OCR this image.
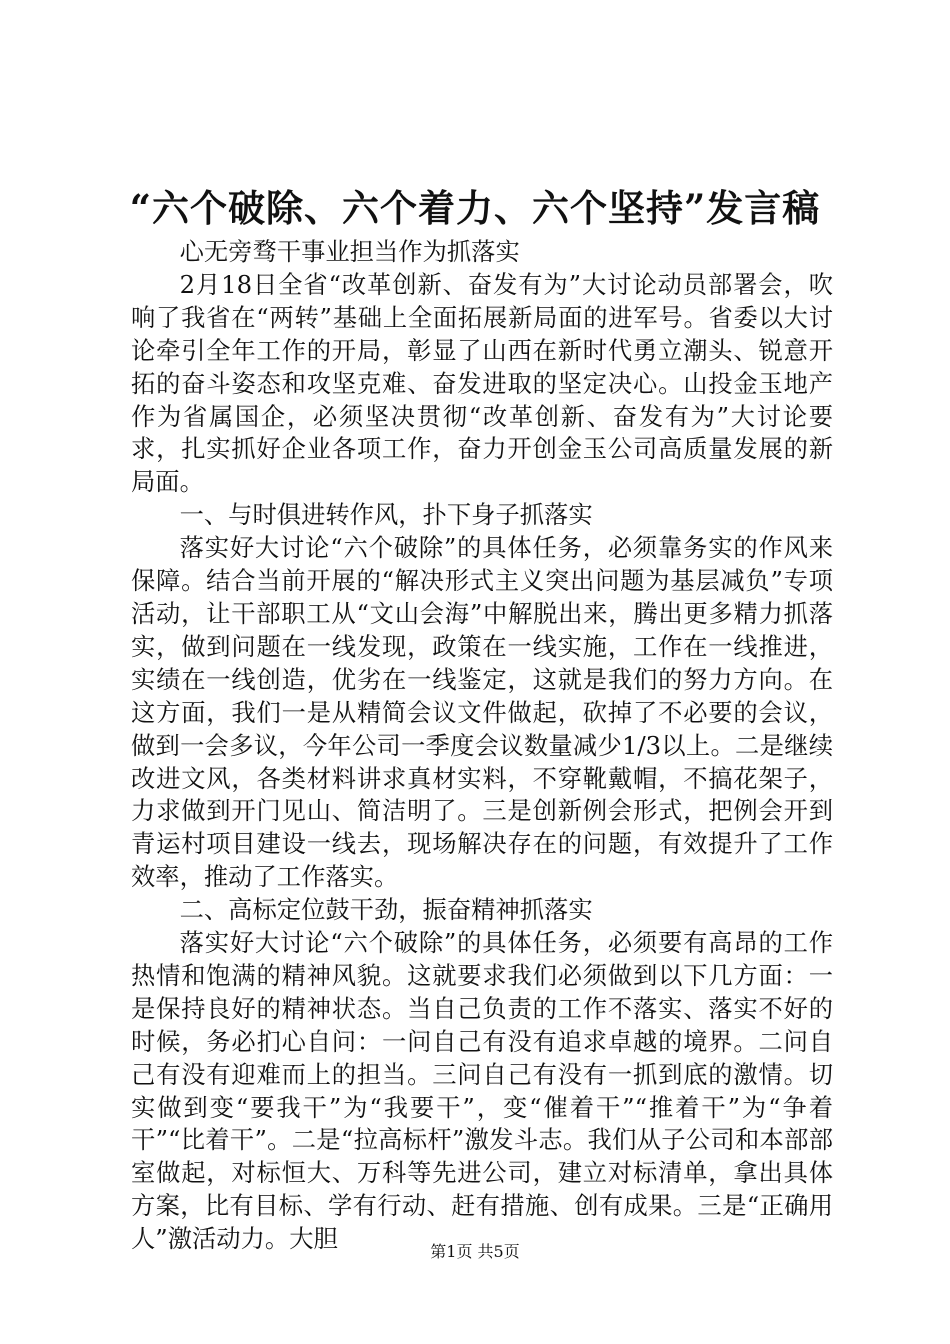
“六个破除、六个着力、六个坚持”发言稿

心无旁骛干事业担当作为抓落实

2月18日全省“改革创新、奋发有为”大讨论动员部署会，吹响了我省在“两转”基础上全面拓展新局面的进军号。省委以大讨论牵引全年工作的开局，彰显了山西在新时代勇立潮头、锐意开拓的奋斗姿态和攻坚克难、奋发进取的坚定决心。山投金玉地产作为省属国企，必须坚决贯彻“改革创新、奋发有为”大讨论要求，扎实抓好企业各项工作，奋力开创金玉公司高质量发展的新局面。

一、与时俱进转作风，扑下身子抓落实

落实好大讨论“六个破除”的具体任务，必须靠务实的作风来保障。结合当前开展的“解决形式主义突出问题为基层减负”专项活动，让干部职工从“文山会海”中解脱出来，腾出更多精力抓落实，做到问题在一线发现，政策在一线实施，工作在一线推进，实绩在一线创造，优劣在一线鉴定，这就是我们的努力方向。在这方面，我们一是从精简会议文件做起，砍掉了不必要的会议，做到一会多议，今年公司一季度会议数量减少1/3以上。二是继续改进文风，各类材料讲求真材实料，不穿靴戴帽，不搞花架子，力求做到开门见山、简洁明了。三是创新例会形式，把例会开到青运村项目建设一线去，现场解决存在的问题，有效提升了工作效率，推动了工作落实。

二、高标定位鼓干劲，振奋精神抓落实

落实好大讨论“六个破除”的具体任务，必须要有高昂的工作热情和饱满的精神风貌。这就要求我们必须做到以下几方面：一是保持良好的精神状态。当自己负责的工作不落实、落实不好的时候，务必扪心自问：一问自己有没有追求卓越的境界。二问自己有没有迎难而上的担当。三问自己有没有一抓到底的激情。切实做到变“要我干”为“我要干”，变“催着干”“推着干”为“争着干”“比着干”。二是“拉高标杆”激发斗志。我们从子公司和本部部室做起，对标恒大、万科等先进公司，建立对标清单，拿出具体方案，比有目标、学有行动、赶有措施、创有成果。三是“正确用人”激活动力。大胆	第1页 共5页
